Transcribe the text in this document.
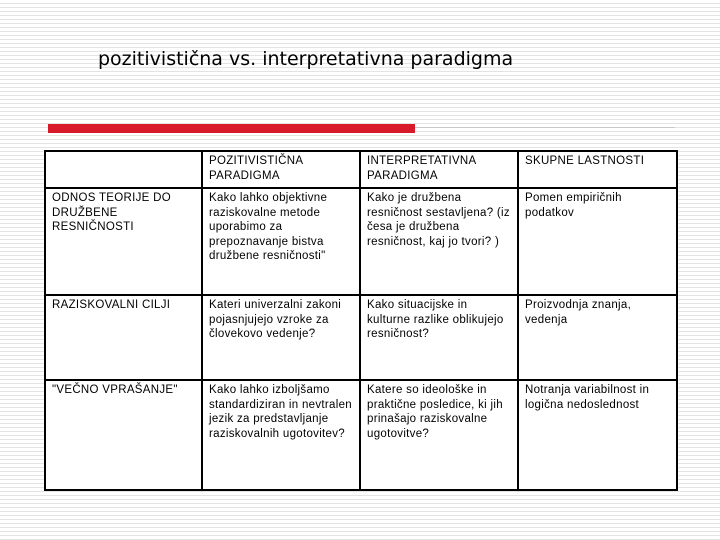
pozitivistična vs. interpretativna paradigma

	POZITIVISTIČNA PARADIGMA	INTERPRETATIVNA PARADIGMA	SKUPNE LASTNOSTI

ODNOS TEORIJE DO DRUŽBENE RESNIČNOSTI	Kako lahko objektivne raziskovalne metode uporabimo za prepoznavanje bistva družbene resničnosti"	Kako je družbena resničnost sestavljena? (iz česa je družbena resničnost, kaj jo tvori? )	Pomen empiričnih podatkov

RAZISKOVALNI CILJI	Kateri univerzalni zakoni pojasnjujejo vzroke za človekovo vedenje?	Kako situacijske in kulturne razlike oblikujejo resničnost?	Proizvodnja znanja, vedenja

"VEČNO VPRAŠANJE"	Kako lahko izboljšamo standardiziran in nevtralen jezik za predstavljanje raziskovalnih ugotovitev?	Katere so ideološke in praktične posledice, ki jih prinašajo raziskovalne ugotovitve?	Notranja variabilnost in logična nedoslednost
